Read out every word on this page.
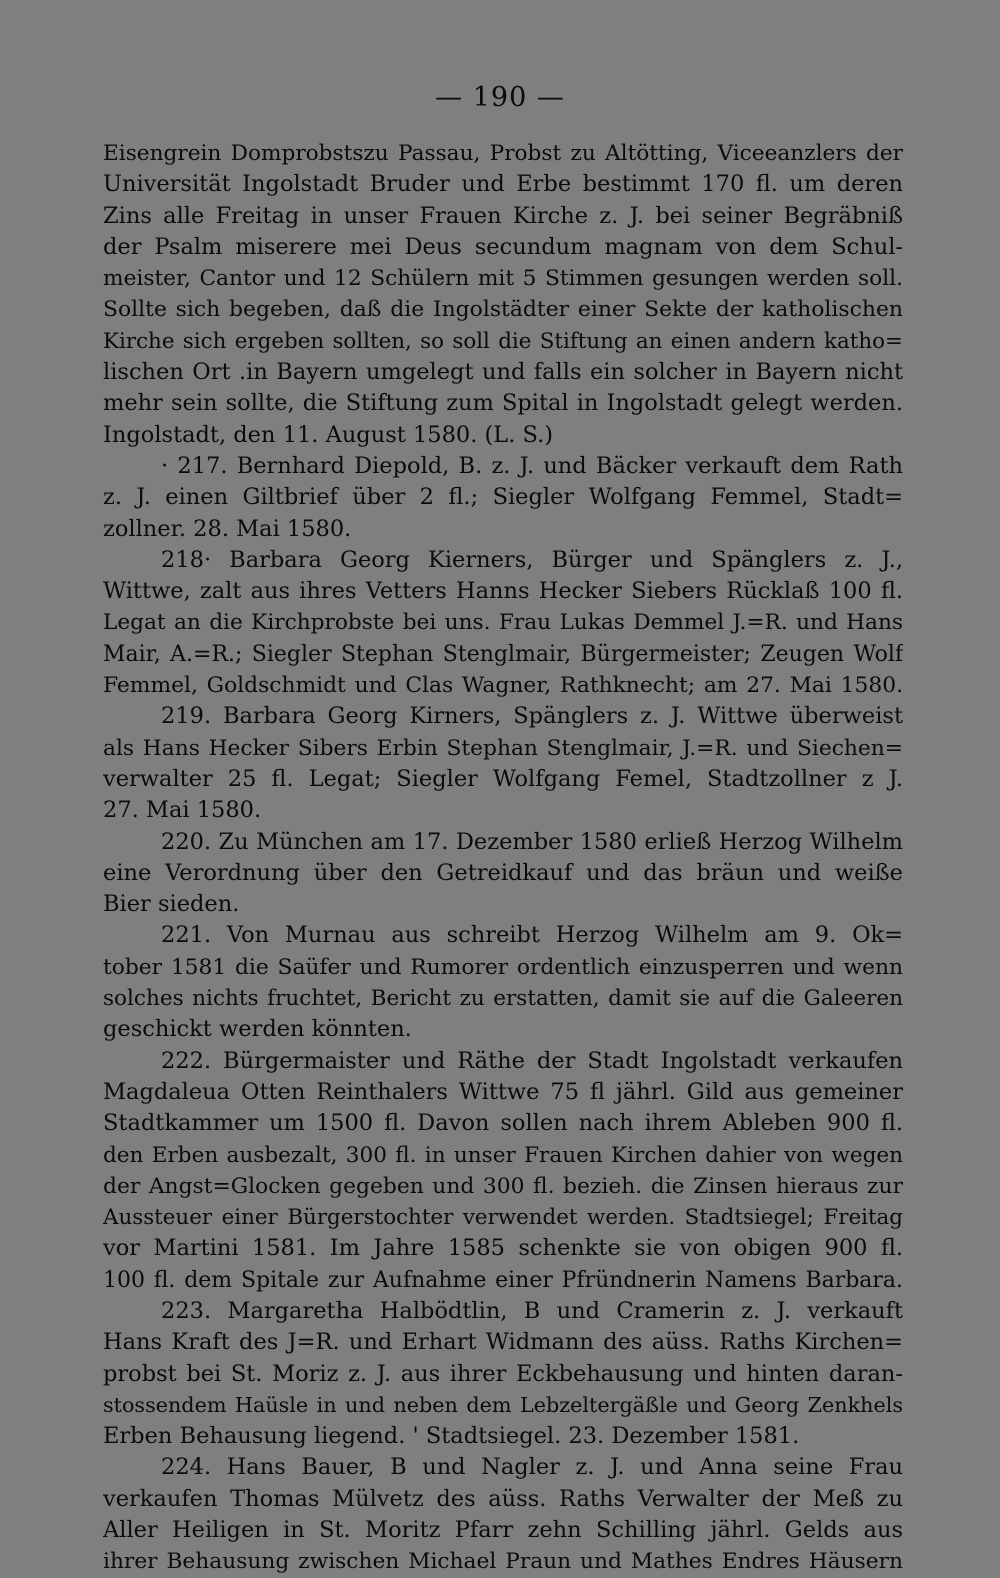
— 190 —
Eisengrein Domprobstszu Passau, Probst zu Altötting, Viceeanzlers der
Universität Ingolstadt Bruder und Erbe bestimmt 170 fl. um deren
Zins alle Freitag in unser Frauen Kirche z. J. bei seiner Begräbniß
der Psalm miserere mei Deus secundum magnam von dem Schul-
meister, Cantor und 12 Schülern mit 5 Stimmen gesungen werden soll.
Sollte sich begeben, daß die Ingolstädter einer Sekte der katholischen
Kirche sich ergeben sollten, so soll die Stiftung an einen andern katho=
lischen Ort .in Bayern umgelegt und falls ein solcher in Bayern nicht
mehr sein sollte, die Stiftung zum Spital in Ingolstadt gelegt werden.
Ingolstadt, den 11. August 1580. (L. S.)
· 217. Bernhard Diepold, B. z. J. und Bäcker verkauft dem Rath
z. J. einen Giltbrief über 2 fl.; Siegler Wolfgang Femmel, Stadt=
zollner. 28. Mai 1580.
218· Barbara Georg Kierners, Bürger und Spänglers z. J.,
Wittwe, zalt aus ihres Vetters Hanns Hecker Siebers Rücklaß 100 fl.
Legat an die Kirchprobste bei uns. Frau Lukas Demmel J.=R. und Hans
Mair, A.=R.; Siegler Stephan Stenglmair, Bürgermeister; Zeugen Wolf
Femmel, Goldschmidt und Clas Wagner, Rathknecht; am 27. Mai 1580.
219. Barbara Georg Kirners, Spänglers z. J. Wittwe überweist
als Hans Hecker Sibers Erbin Stephan Stenglmair, J.=R. und Siechen=
verwalter 25 fl. Legat; Siegler Wolfgang Femel, Stadtzollner z J.
27. Mai 1580.
220. Zu München am 17. Dezember 1580 erließ Herzog Wilhelm
eine Verordnung über den Getreidkauf und das bräun und weiße
Bier sieden.
221. Von Murnau aus schreibt Herzog Wilhelm am 9. Ok=
tober 1581 die Saüfer und Rumorer ordentlich einzusperren und wenn
solches nichts fruchtet, Bericht zu erstatten, damit sie auf die Galeeren
geschickt werden könnten.
222. Bürgermaister und Räthe der Stadt Ingolstadt verkaufen
Magdaleua Otten Reinthalers Wittwe 75 fl jährl. Gild aus gemeiner
Stadtkammer um 1500 fl. Davon sollen nach ihrem Ableben 900 fl.
den Erben ausbezalt, 300 fl. in unser Frauen Kirchen dahier von wegen
der Angst=Glocken gegeben und 300 fl. bezieh. die Zinsen hieraus zur
Aussteuer einer Bürgerstochter verwendet werden. Stadtsiegel; Freitag
vor Martini 1581. Im Jahre 1585 schenkte sie von obigen 900 fl.
100 fl. dem Spitale zur Aufnahme einer Pfründnerin Namens Barbara.
223. Margaretha Halbödtlin, B und Cramerin z. J. verkauft
Hans Kraft des J=R. und Erhart Widmann des aüss. Raths Kirchen=
probst bei St. Moriz z. J. aus ihrer Eckbehausung und hinten daran-
stossendem Haüsle in und neben dem Lebzeltergäßle und Georg Zenkhels
Erben Behausung liegend. ' Stadtsiegel. 23. Dezember 1581.
224. Hans Bauer, B und Nagler z. J. und Anna seine Frau
verkaufen Thomas Mülvetz des aüss. Raths Verwalter der Meß zu
Aller Heiligen in St. Moritz Pfarr zehn Schilling jährl. Gelds aus
ihrer Behausung zwischen Michael Praun und Mathes Endres Häusern
